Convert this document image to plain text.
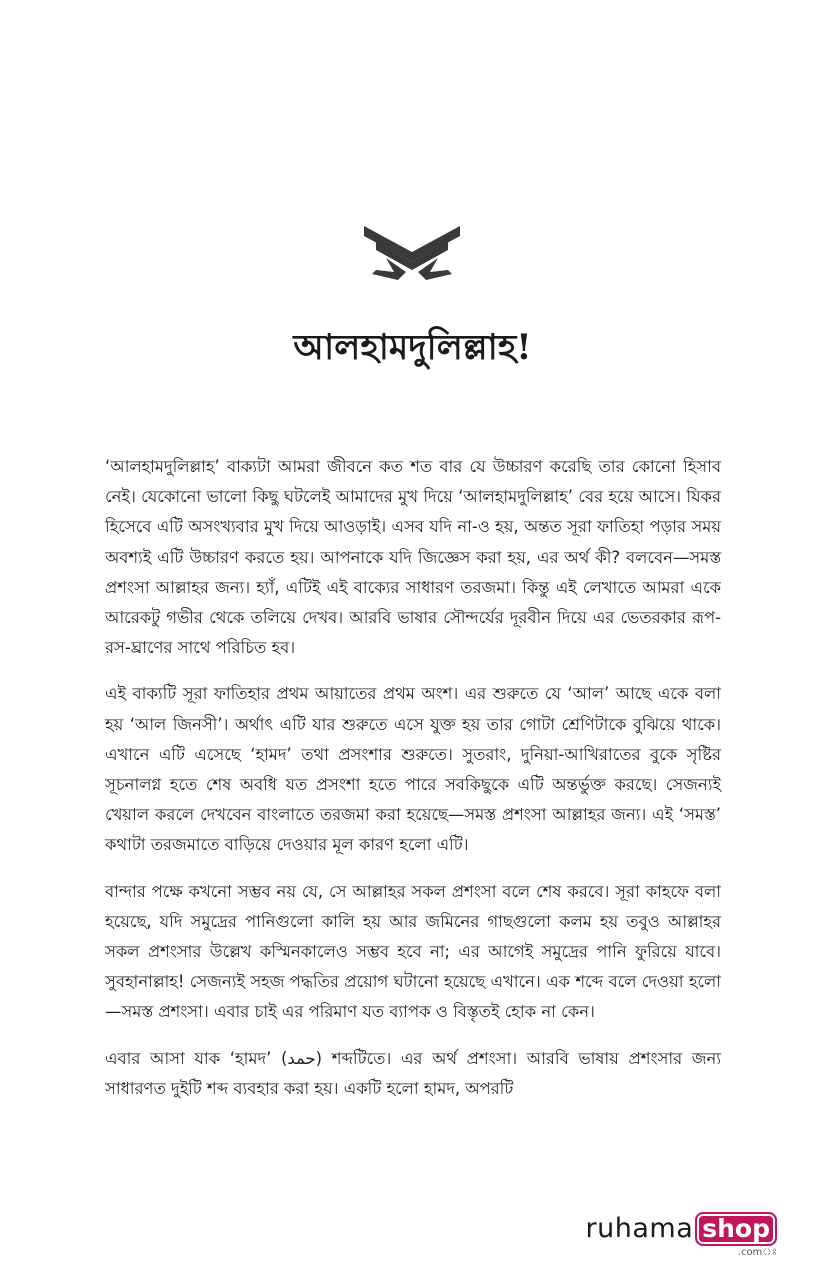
আলহামদুলিল্লাহ!

‘আলহামদুলিল্লাহ’ বাক্যটা আমরা জীবনে কত শত বার যে উচ্চারণ করেছি তার কোনো হিসাব নেই। যেকোনো ভালো কিছু ঘটলেই আমাদের মুখ দিয়ে ‘আলহামদুলিল্লাহ’ বের হয়ে আসে। যিকর হিসেবে এটি অসংখ্যবার মুখ দিয়ে আওড়াই। এসব যদি না-ও হয়, অন্তত সূরা ফাতিহা পড়ার সময় অবশ্যই এটি উচ্চারণ করতে হয়। আপনাকে যদি জিজ্ঞেস করা হয়, এর অর্থ কী? বলবেন—সমস্ত প্রশংসা আল্লাহর জন্য। হ্যাঁ, এটিই এই বাক্যের সাধারণ তরজমা। কিন্তু এই লেখাতে আমরা একে আরেকটু গভীর থেকে তলিয়ে দেখব। আরবি ভাষার সৌন্দর্যের দূরবীন দিয়ে এর ভেতরকার রূপ-রস-ঘ্রাণের সাথে পরিচিত হব।

এই বাক্যটি সূরা ফাতিহার প্রথম আয়াতের প্রথম অংশ। এর শুরুতে যে ‘আল’ আছে একে বলা হয় ‘আল জিনসী’। অর্থাৎ এটি যার শুরুতে এসে যুক্ত হয় তার গোটা শ্রেণিটাকে বুঝিয়ে থাকে। এখানে এটি এসেছে ‘হামদ’ তথা প্রসংশার শুরুতে। সুতরাং, দুনিয়া-আখিরাতের বুকে সৃষ্টির সূচনালগ্ন হতে শেষ অবধি যত প্রসংশা হতে পারে সবকিছুকে এটি অন্তর্ভুক্ত করছে। সেজন্যই খেয়াল করলে দেখবেন বাংলাতে তরজমা করা হয়েছে—সমস্ত প্রশংসা আল্লাহর জন্য। এই ‘সমস্ত’ কথাটা তরজমাতে বাড়িয়ে দেওয়ার মূল কারণ হলো এটি।

বান্দার পক্ষে কখনো সম্ভব নয় যে, সে আল্লাহর সকল প্রশংসা বলে শেষ করবে। সূরা কাহফে বলা হয়েছে, যদি সমুদ্রের পানিগুলো কালি হয় আর জমিনের গাছগুলো কলম হয় তবুও আল্লাহর সকল প্রশংসার উল্লেখ কস্মিনকালেও সম্ভব হবে না; এর আগেই সমুদ্রের পানি ফুরিয়ে যাবে। সুবহানাল্লাহ! সেজন্যই সহজ পদ্ধতির প্রয়োগ ঘটানো হয়েছে এখানে। এক শব্দে বলে দেওয়া হলো—সমস্ত প্রশংসা। এবার চাই এর পরিমাণ যত ব্যাপক ও বিস্তৃতই হোক না কেন।

এবার আসা যাক ‘হামদ’ (حمد) শব্দটিতে। এর অর্থ প্রশংসা। আরবি ভাষায় প্রশংসার জন্য সাধারণত দুইটি শব্দ ব্যবহার করা হয়। একটি হলো হামদ, অপরটি

ruhama shop
.comঃ
